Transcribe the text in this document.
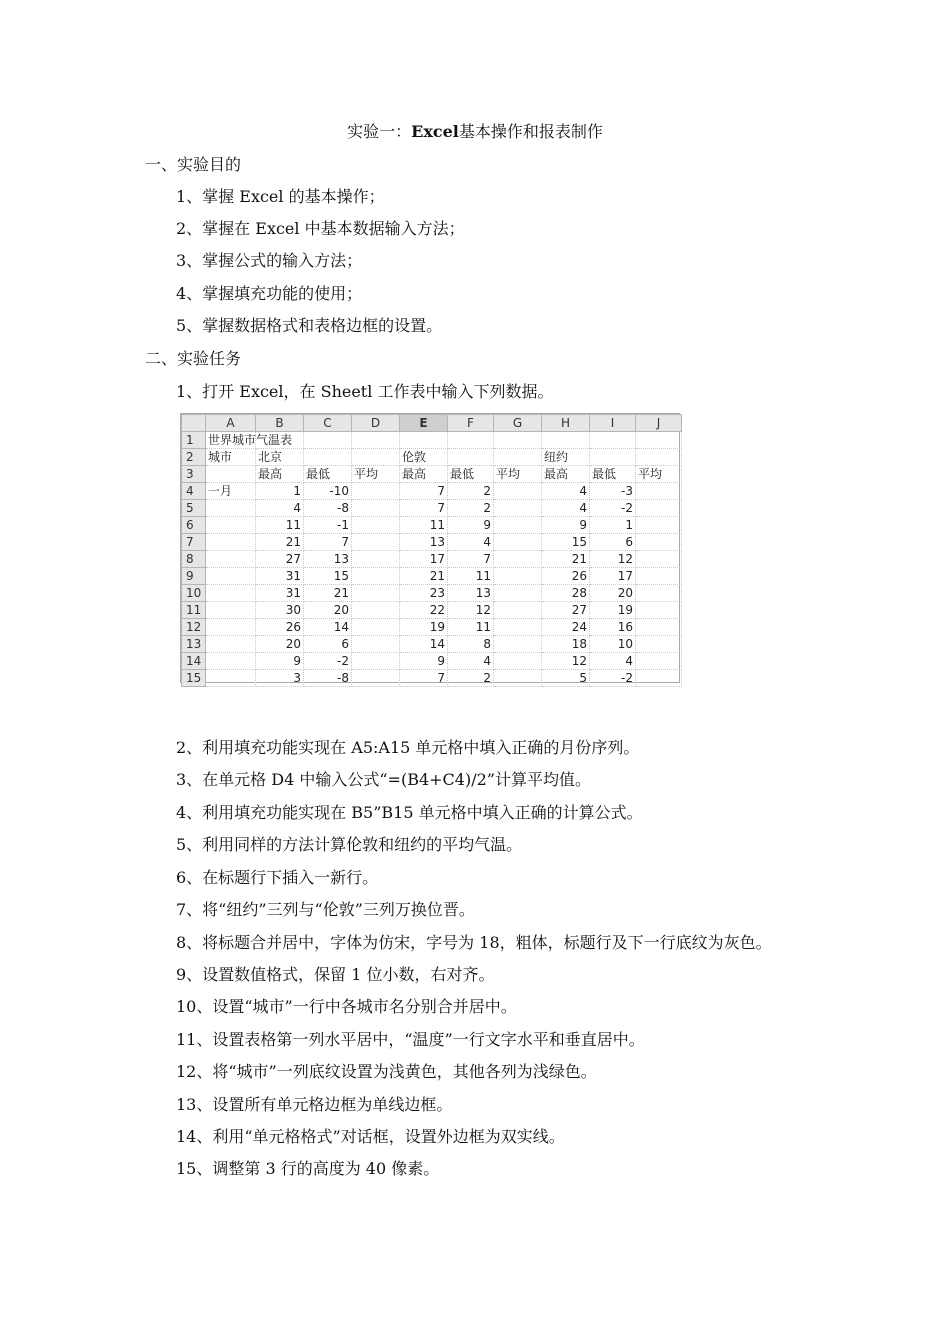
实验一：Excel基本操作和报表制作
一、实验目的
1、掌握 Excel 的基本操作；
2、掌握在 Excel 中基本数据输入方法；
3、掌握公式的输入方法；
4、掌握填充功能的使用；
5、掌握数据格式和表格边框的设置。
二、实验任务
1、打开 Excel，在 Sheetl 工作表中输入下列数据。
	A	B	C	D	E	F	G	H	I	J
1	世界城市气温表									
2	城市	北京			伦敦			纽约		
3		最高	最低	平均	最高	最低	平均	最高	最低	平均
4	一月	1	-10		7	2		4	-3	
5		4	-8		7	2		4	-2	
6		11	-1		11	9		9	1	
7		21	7		13	4		15	6	
8		27	13		17	7		21	12	
9		31	15		21	11		26	17	
10		31	21		23	13		28	20	
11		30	20		22	12		27	19	
12		26	14		19	11		24	16	
13		20	6		14	8		18	10	
14		9	-2		9	4		12	4	
15		3	-8		7	2		5	-2	
2、利用填充功能实现在 A5:A15 单元格中填入正确的月份序列。
3、在单元格 D4 中输入公式“=(B4+C4)/2”计算平均值。
4、利用填充功能实现在 B5”B15 单元格中填入正确的计算公式。
5、利用同样的方法计算伦敦和纽约的平均气温。
6、在标题行下插入一新行。
7、将“纽约”三列与“伦敦”三列万换位晋。
8、将标题合并居中，字体为仿宋，字号为 18，粗体，标题行及下一行底纹为灰色。
9、设置数值格式，保留 1 位小数，右对齐。
10、设置“城市”一行中各城市名分别合并居中。
11、设置表格第一列水平居中，“温度”一行文字水平和垂直居中。
12、将“城市”一列底纹设置为浅黄色，其他各列为浅绿色。
13、设置所有单元格边框为单线边框。
14、利用“单元格格式”对话框，设置外边框为双实线。
15、调整第 3 行的高度为 40 像素。
